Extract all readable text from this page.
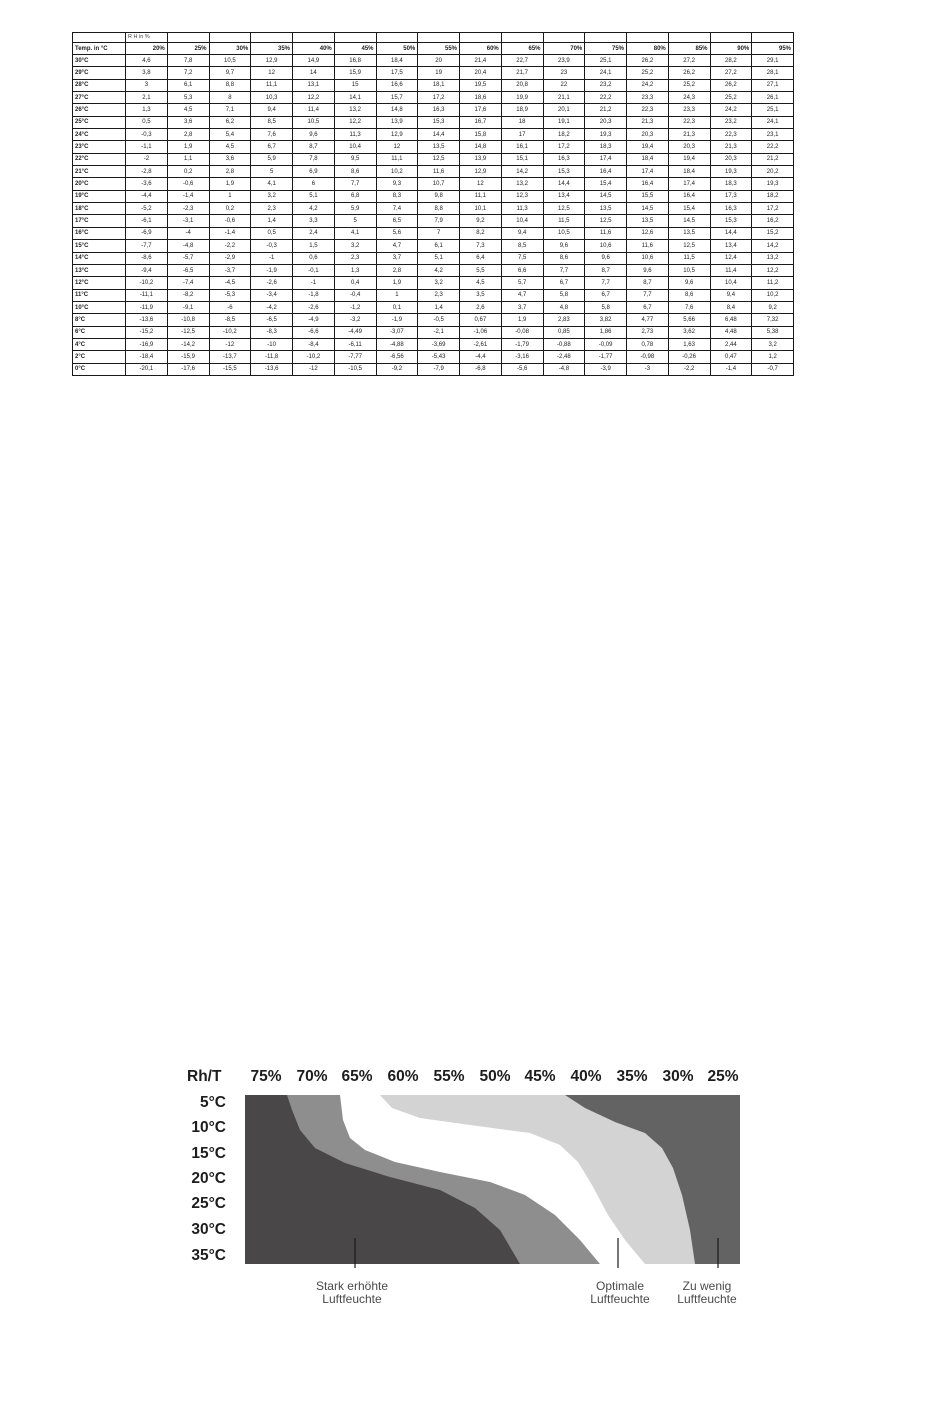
	R H in %															
Temp. in °C	20%	25%	30%	35%	40%	45%	50%	55%	60%	65%	70%	75%	80%	85%	90%	95%
30°C	4,6	7,8	10,5	12,9	14,9	16,8	18,4	20	21,4	22,7	23,9	25,1	26,2	27,2	28,2	29,1
29°C	3,8	7,2	9,7	12	14	15,9	17,5	19	20,4	21,7	23	24,1	25,2	26,2	27,2	28,1
28°C	3	6,1	8,8	11,1	13,1	15	16,6	18,1	19,5	20,8	22	23,2	24,2	25,2	26,2	27,1
27°C	2,1	5,3	8	10,3	12,2	14,1	15,7	17,2	18,6	19,9	21,1	22,2	23,3	24,3	25,2	26,1
26°C	1,3	4,5	7,1	9,4	11,4	13,2	14,8	16,3	17,6	18,9	20,1	21,2	22,3	23,3	24,2	25,1
25°C	0,5	3,6	6,2	8,5	10,5	12,2	13,9	15,3	16,7	18	19,1	20,3	21,3	22,3	23,2	24,1
24°C	-0,3	2,8	5,4	7,6	9,6	11,3	12,9	14,4	15,8	17	18,2	19,3	20,3	21,3	22,3	23,1
23°C	-1,1	1,9	4,5	6,7	8,7	10,4	12	13,5	14,8	16,1	17,2	18,3	19,4	20,3	21,3	22,2
22°C	-2	1,1	3,6	5,9	7,8	9,5	11,1	12,5	13,9	15,1	16,3	17,4	18,4	19,4	20,3	21,2
21°C	-2,8	0,2	2,8	5	6,9	8,6	10,2	11,6	12,9	14,2	15,3	16,4	17,4	18,4	19,3	20,2
20°C	-3,6	-0,6	1,9	4,1	6	7,7	9,3	10,7	12	13,2	14,4	15,4	16,4	17,4	18,3	19,3
19°C	-4,4	-1,4	1	3,2	5,1	6,8	8,3	9,8	11,1	12,3	13,4	14,5	15,5	16,4	17,3	18,2
18°C	-5,2	-2,3	0,2	2,3	4,2	5,9	7,4	8,8	10,1	11,3	12,5	13,5	14,5	15,4	16,3	17,2
17°C	-6,1	-3,1	-0,6	1,4	3,3	5	6,5	7,9	9,2	10,4	11,5	12,5	13,5	14,5	15,3	16,2
16°C	-6,9	-4	-1,4	0,5	2,4	4,1	5,6	7	8,2	9,4	10,5	11,6	12,6	13,5	14,4	15,2
15°C	-7,7	-4,8	-2,2	-0,3	1,5	3,2	4,7	6,1	7,3	8,5	9,6	10,6	11,6	12,5	13,4	14,2
14°C	-8,6	-5,7	-2,9	-1	0,6	2,3	3,7	5,1	6,4	7,5	8,6	9,6	10,6	11,5	12,4	13,2
13°C	-9,4	-6,5	-3,7	-1,9	-0,1	1,3	2,8	4,2	5,5	6,6	7,7	8,7	9,6	10,5	11,4	12,2
12°C	-10,2	-7,4	-4,5	-2,6	-1	0,4	1,9	3,2	4,5	5,7	6,7	7,7	8,7	9,6	10,4	11,2
11°C	-11,1	-8,2	-5,3	-3,4	-1,8	-0,4	1	2,3	3,5	4,7	5,8	6,7	7,7	8,6	9,4	10,2
10°C	-11,9	-9,1	-6	-4,2	-2,6	-1,2	0,1	1,4	2,6	3,7	4,8	5,8	6,7	7,6	8,4	9,2
8°C	-13,6	-10,8	-8,5	-6,5	-4,9	-3,2	-1,9	-0,5	0,67	1,9	2,83	3,82	4,77	5,66	6,48	7,32
6°C	-15,2	-12,5	-10,2	-8,3	-6,6	-4,49	-3,07	-2,1	-1,06	-0,08	0,85	1,86	2,73	3,62	4,48	5,38
4°C	-16,9	-14,2	-12	-10	-8,4	-6,11	-4,88	-3,69	-2,61	-1,79	-0,88	-0,09	0,78	1,63	2,44	3,2
2°C	-18,4	-15,9	-13,7	-11,8	-10,2	-7,77	-6,56	-5,43	-4,4	-3,16	-2,48	-1,77	-0,98	-0,26	0,47	1,2
0°C	-20,1	-17,6	-15,5	-13,6	-12	-10,5	-9,2	-7,9	-6,8	-5,6	-4,8	-3,9	-3	-2,2	-1,4	-0,7
Rh/T	75% 70% 65% 60% 55% 50% 45% 40% 35% 30% 25%
5°C
10°C
15°C
20°C
25°C
30°C
35°C
Stark erhöhte
Luftfeuchte
Optimale
Luftfeuchte
Zu wenig
Luftfeuchte
